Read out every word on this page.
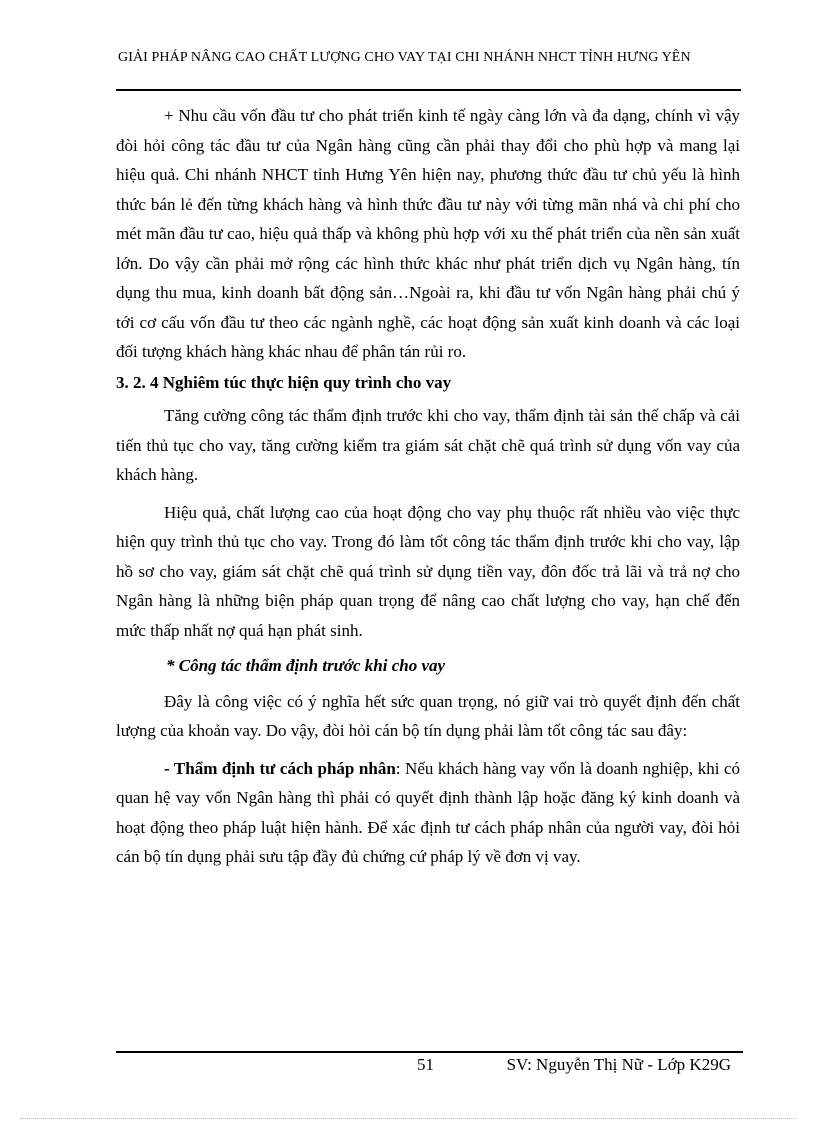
GIẢI PHÁP NÂNG CAO CHẤT LƯỢNG CHO VAY TẠI CHI NHÁNH NHCT TỈNH HƯNG YÊN

+ Nhu cầu vốn đầu tư cho phát triển kinh tế ngày càng lớn và đa dạng, chính vì vậy đòi hỏi công tác đầu tư của Ngân hàng cũng cần phải thay đổi cho phù hợp và mang lại hiệu quả. Chi nhánh NHCT tỉnh Hưng Yên hiện nay, phương thức đầu tư chủ yếu là hình thức bán lẻ đến từng khách hàng và hình thức đầu tư này với từng mãn nhá và chi phí cho mét mãn đầu tư cao, hiệu quả thấp và không phù hợp với xu thế phát triển của nền sản xuất lớn. Do vậy cần phải mở rộng các hình thức khác như phát triển dịch vụ Ngân hàng, tín dụng thu mua, kinh doanh bất động sản…Ngoài ra, khi đầu tư vốn Ngân hàng phải chú ý tới cơ cấu vốn đầu tư theo các ngành nghề, các hoạt động sản xuất kinh doanh và các loại đối tượng khách hàng khác nhau để phân tán rủi ro.

3. 2. 4 Nghiêm túc thực hiện quy trình cho vay

Tăng cường công tác thẩm định trước khi cho vay, thẩm định tài sản thế chấp và cải tiến thủ tục cho vay, tăng cường kiểm tra giám sát chặt chẽ quá trình sử dụng vốn vay của khách hàng.

Hiệu quả, chất lượng cao của hoạt động cho vay phụ thuộc rất nhiều vào việc thực hiện quy trình thủ tục cho vay. Trong đó làm tốt công tác thẩm định trước khi cho vay, lập hồ sơ cho vay, giám sát chặt chẽ quá trình sử dụng tiền vay, đôn đốc trả lãi và trả nợ cho Ngân hàng là những biện pháp quan trọng để nâng cao chất lượng cho vay, hạn chế đến mức thấp nhất nợ quá hạn phát sinh.

* Công tác thẩm định trước khi cho vay

Đây là công việc có ý nghĩa hết sức quan trọng, nó giữ vai trò quyết định đến chất lượng của khoản vay. Do vậy, đòi hỏi cán bộ tín dụng phải làm tốt công tác sau đây:

- Thẩm định tư cách pháp nhân: Nếu khách hàng vay vốn là doanh nghiệp, khi có quan hệ vay vốn Ngân hàng thì phải có quyết định thành lập hoặc đăng ký kinh doanh và hoạt động theo pháp luật hiện hành. Để xác định tư cách pháp nhân của người vay, đòi hỏi cán bộ tín dụng phải sưu tập đầy đủ chứng cứ pháp lý về đơn vị vay.

51	SV: Nguyễn Thị Nữ - Lớp K29G
